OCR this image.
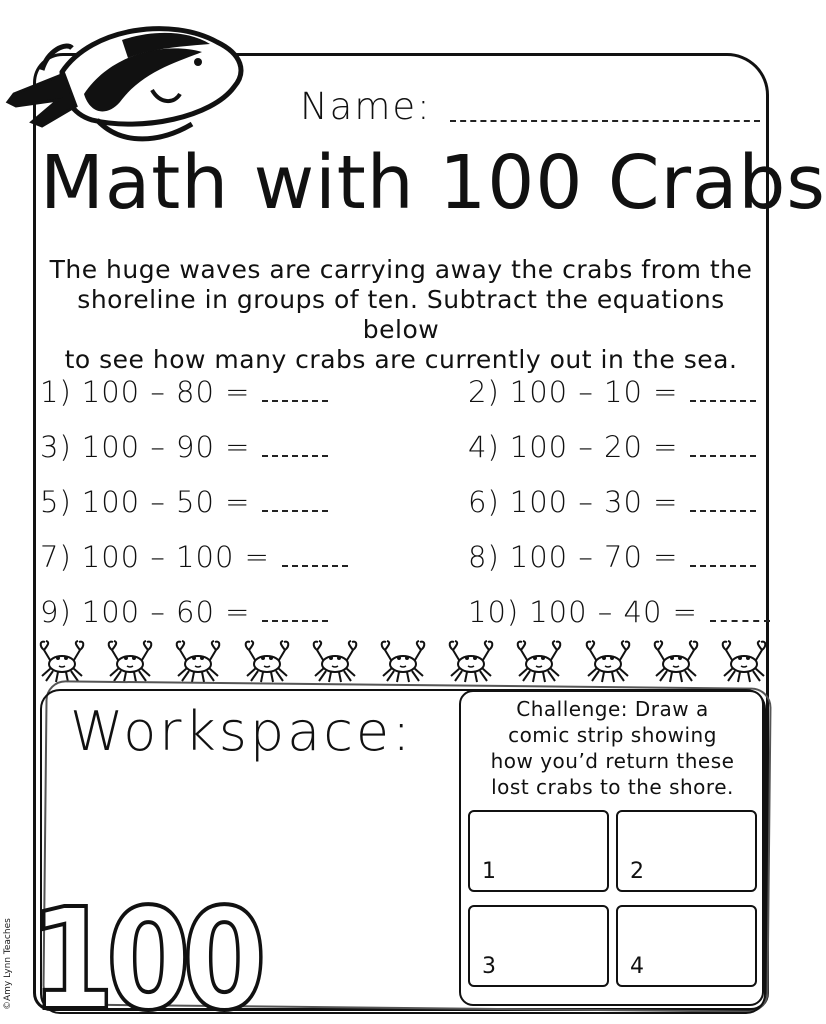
Name:
Math with 100 Crabs
The huge waves are carrying away the crabs from the
shoreline in groups of ten. Subtract the equations below
to see how many crabs are currently out in the sea.
1) 100 – 80 =	2) 100 – 10 =
3) 100 – 90 =	4) 100 – 20 =
5) 100 – 50 =	6) 100 – 30 =
7) 100 – 100 =	8) 100 – 70 =
9) 100 – 60 =	10) 100 – 40 =
Workspace:	Challenge: Draw a
comic strip showing
how you’d return these
lost crabs to the shore.
1	2
3	4
100
©Amy Lynn Teaches
